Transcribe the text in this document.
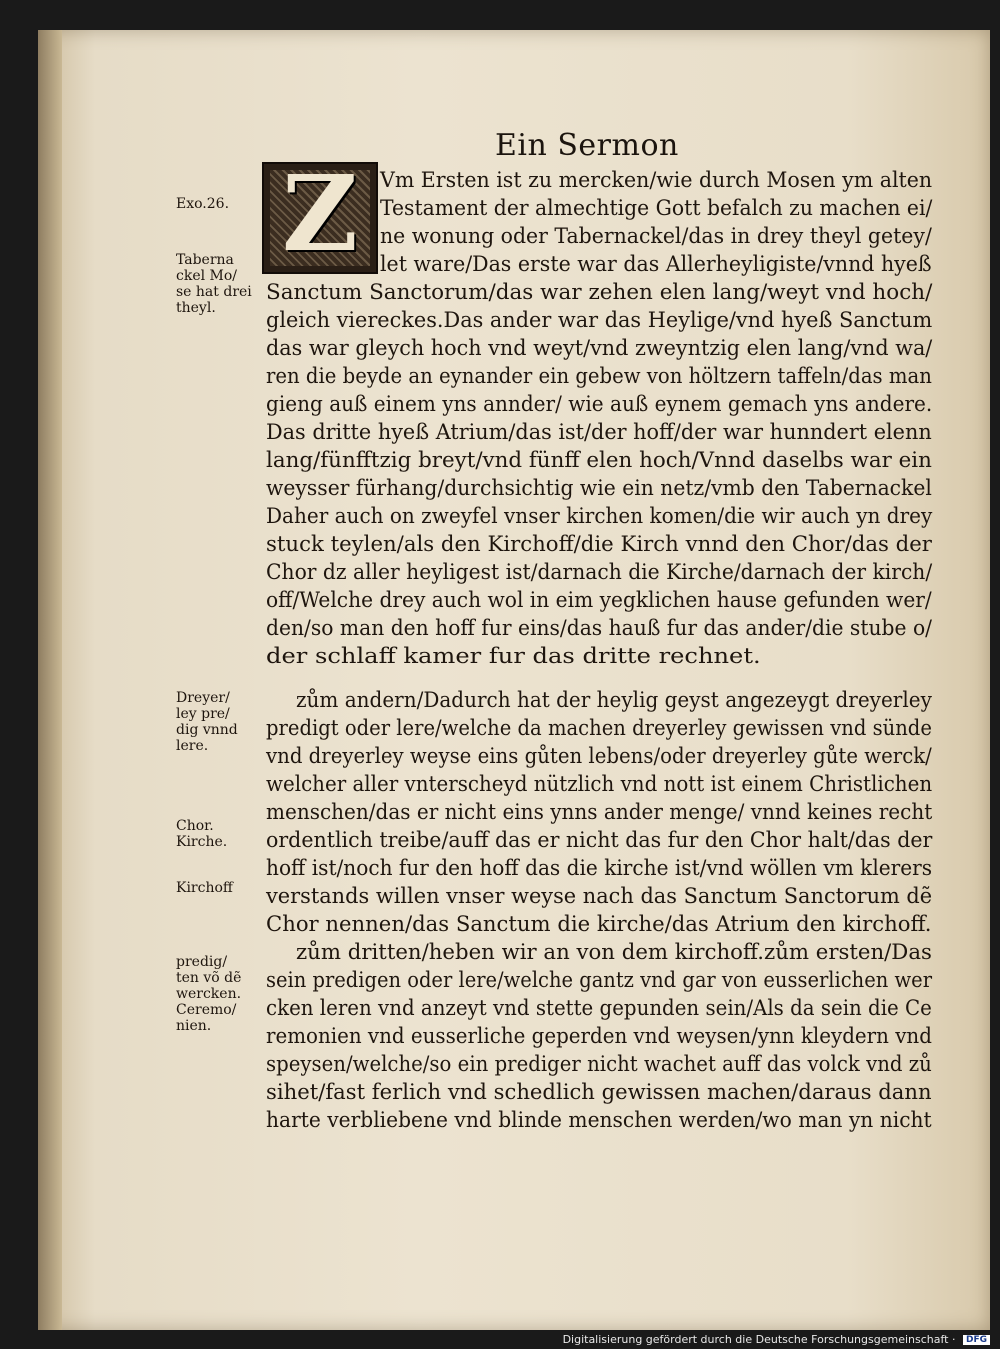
Ein Sermon
Z
Exo.26.
Taberna
ckel Mo/
se hat drei
theyl.
Dreyer/
ley pre/
dig vnnd
lere.
Chor.
Kirche.
Kirchoff
predig/
ten võ dẽ
wercken.
Ceremo/
nien.
Vm Ersten ist zu mercken/wie durch Mosen ym alten
Testament der almechtige Gott befalch zu machen ei/
ne wonung oder Tabernackel/das in drey theyl getey/
let ware/Das erste war das Allerheyligiste/vnnd hyeß
Sanctum Sanctorum/das war zehen elen lang/weyt vnd hoch/
gleich viereckes.Das ander war das Heylige/vnd hyeß Sanctum
das war gleych hoch vnd weyt/vnd zweyntzig elen lang/vnd wa/
ren die beyde an eynander ein gebew von höltzern taffeln/das man
gieng auß einem yns annder/ wie auß eynem gemach yns andere.
Das dritte hyeß Atrium/das ist/der hoff/der war hunndert elenn
lang/fünfftzig breyt/vnd fünff elen hoch/Vnnd daselbs war ein
weysser fürhang/durchsichtig wie ein netz/vmb den Tabernackel
Daher auch on zweyfel vnser kirchen komen/die wir auch yn drey
stuck teylen/als den Kirchoff/die Kirch vnnd den Chor/das der
Chor dz aller heyligest ist/darnach die Kirche/darnach der kirch/
off/Welche drey auch wol in eim yegklichen hause gefunden wer/
den/so man den hoff fur eins/das hauß fur das ander/die stube o/
der schlaff kamer fur das dritte rechnet.
zům andern/Dadurch hat der heylig geyst angezeygt dreyerley
predigt oder lere/welche da machen dreyerley gewissen vnd sünde
vnd dreyerley weyse eins gůten lebens/oder dreyerley gůte werck/
welcher aller vnterscheyd nützlich vnd nott ist einem Christlichen
menschen/das er nicht eins ynns ander menge/ vnnd keines recht
ordentlich treibe/auff das er nicht das fur den Chor halt/das der
hoff ist/noch fur den hoff das die kirche ist/vnd wöllen vm klerers
verstands willen vnser weyse nach das Sanctum Sanctorum dẽ
Chor nennen/das Sanctum die kirche/das Atrium den kirchoff.
zům dritten/heben wir an von dem kirchoff.zům ersten/Das
sein predigen oder lere/welche gantz vnd gar von eusserlichen wer
cken leren vnd anzeyt vnd stette gepunden sein/Als da sein die Ce
remonien vnd eusserliche geperden vnd weysen/ynn kleydern vnd
speysen/welche/so ein prediger nicht wachet auff das volck vnd zů
sihet/fast ferlich vnd schedlich gewissen machen/daraus dann
harte verbliebene vnd blinde menschen werden/wo man yn nicht
Digitalisierung gefördert durch die Deutsche Forschungsgemeinschaft · DFG
